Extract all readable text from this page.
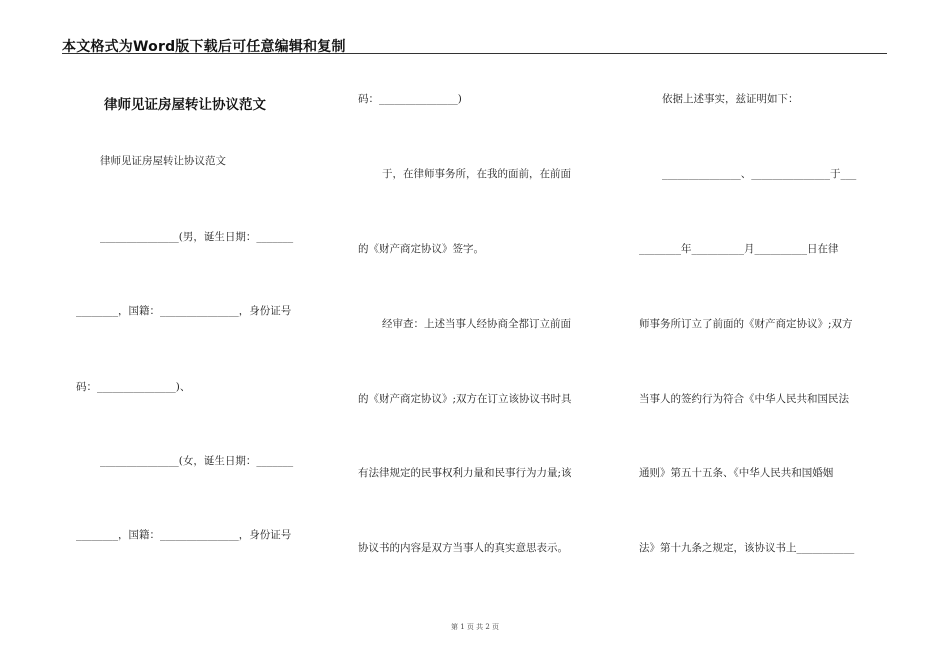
本文格式为Word版下载后可任意编辑和复制
律师见证房屋转让协议范文
律师见证房屋转让协议范文
_______________(男，诞生日期：_______
________，国籍：_______________，身份证号
码：_______________)、
_______________(女，诞生日期：_______
________，国籍：_______________，身份证号
码：_______________)
于，在律师事务所，在我的面前，在前面
的《财产商定协议》签字。
经审查：上述当事人经协商全都订立前面
的《财产商定协议》;双方在订立该协议书时具
有法律规定的民事权利力量和民事行为力量;该
协议书的内容是双方当事人的真实意思表示。
依据上述事实，兹证明如下：
_______________、_______________于___
________年__________月__________日在律
师事务所订立了前面的《财产商定协议》;双方
当事人的签约行为符合《中华人民共和国民法
通则》第五十五条、《中华人民共和国婚姻
法》第十九条之规定，该协议书上___________
第 1 页 共 2 页
